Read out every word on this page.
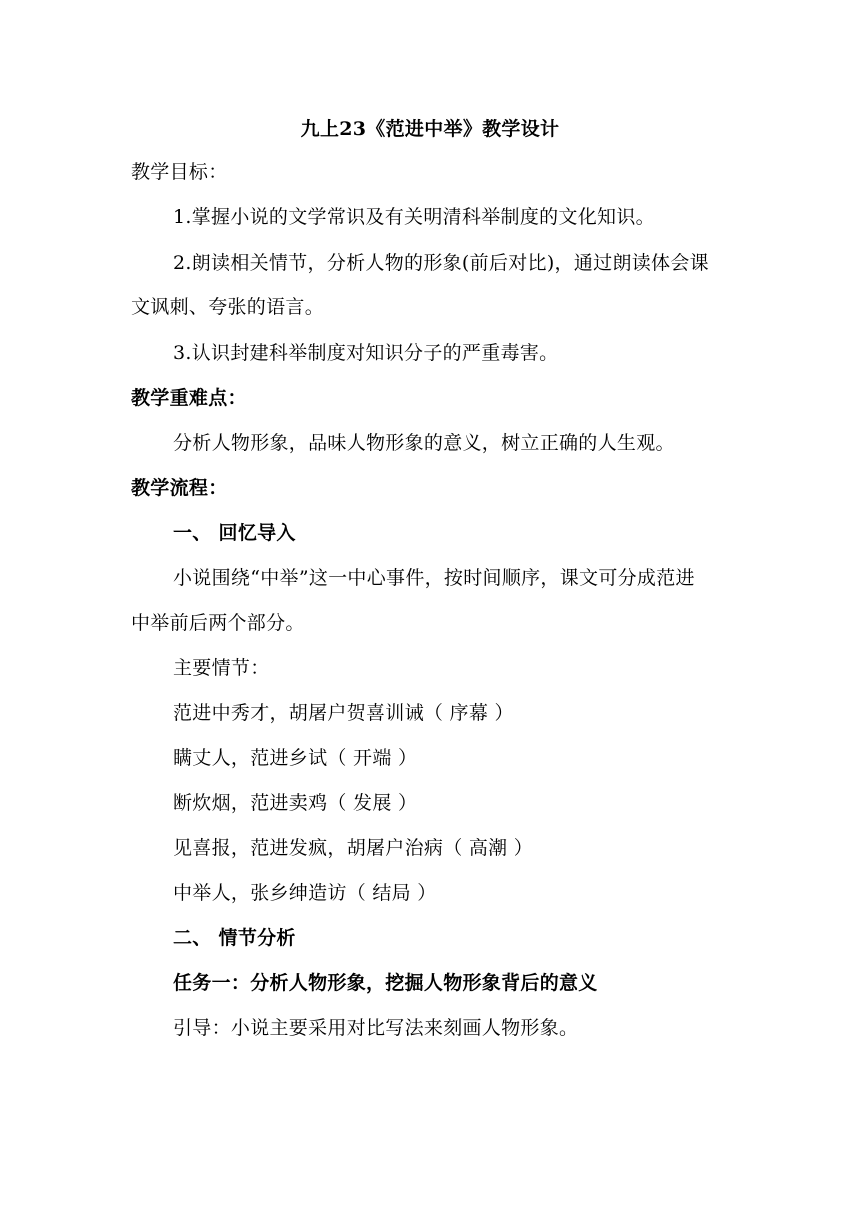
九上23《范进中举》教学设计
教学目标：
1.掌握小说的文学常识及有关明清科举制度的文化知识。
2.朗读相关情节，分析人物的形象(前后对比)，通过朗读体会课
文讽刺、夸张的语言。
3.认识封建科举制度对知识分子的严重毒害。
教学重难点：
分析人物形象，品味人物形象的意义，树立正确的人生观。
教学流程：
一、 回忆导入
小说围绕“中举”这一中心事件，按时间顺序，课文可分成范进
中举前后两个部分。
主要情节：
范进中秀才，胡屠户贺喜训诫（ 序幕 ）
瞒丈人，范进乡试（ 开端 ）
断炊烟，范进卖鸡（ 发展 ）
见喜报，范进发疯，胡屠户治病（ 高潮 ）
中举人，张乡绅造访（ 结局 ）
二、 情节分析
任务一：分析人物形象，挖掘人物形象背后的意义
引导：小说主要采用对比写法来刻画人物形象。
